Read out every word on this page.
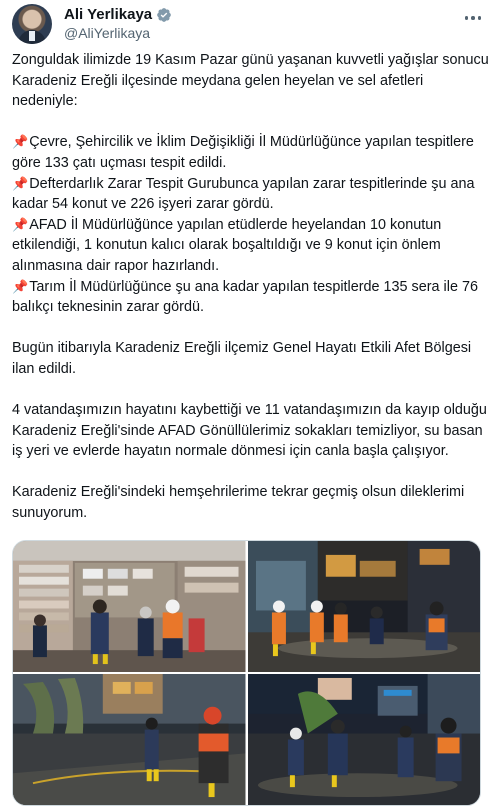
Ali Yerlikaya
@AliYerlikaya

Zonguldak ilimizde 19 Kasım Pazar günü yaşanan kuvvetli yağışlar sonucu Karadeniz Ereğli ilçesinde meydana gelen heyelan ve sel afetleri nedeniyle:

📌Çevre, Şehircilik ve İklim Değişikliği İl Müdürlüğünce yapılan tespitlere göre 133 çatı uçması tespit edildi.

📌Defterdarlık Zarar Tespit Gurubunca yapılan zarar tespitlerinde şu ana kadar 54 konut ve 226 işyeri zarar gördü.

📌AFAD İl Müdürlüğünce yapılan etüdlerde heyelandan 10 konutun etkilendiği, 1 konutun kalıcı olarak boşaltıldığı ve 9 konut için önlem alınmasına dair rapor hazırlandı.

📌Tarım İl Müdürlüğünce şu ana kadar yapılan tespitlerde 135 sera ile 76 balıkçı teknesinin zarar gördü.

Bugün itibarıyla Karadeniz Ereğli ilçemiz Genel Hayatı Etkili Afet Bölgesi ilan edildi.

4 vatandaşımızın hayatını kaybettiği ve 11 vatandaşımızın da kayıp olduğu Karadeniz Ereğli'sinde AFAD Gönüllülerimiz sokakları temizliyor, su basan iş yeri ve evlerde hayatın normale dönmesi için canla başla çalışıyor.

Karadeniz Ereğli'sindeki hemşehrilerime tekrar geçmiş olsun dileklerimi sunuyorum.
